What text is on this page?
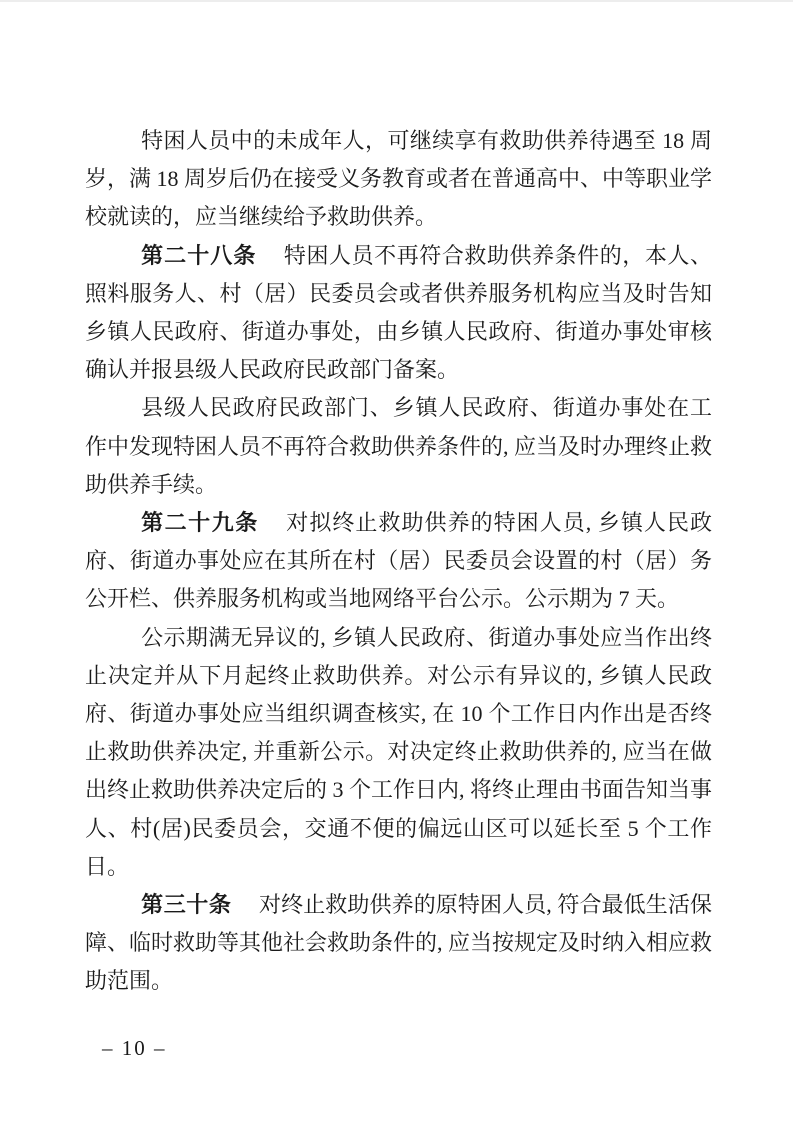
特困人员中的未成年人，可继续享有救助供养待遇至 18 周岁，满 18 周岁后仍在接受义务教育或者在普通高中、中等职业学校就读的，应当继续给予救助供养。

第二十八条 特困人员不再符合救助供养条件的，本人、照料服务人、村（居）民委员会或者供养服务机构应当及时告知乡镇人民政府、街道办事处，由乡镇人民政府、街道办事处审核确认并报县级人民政府民政部门备案。

县级人民政府民政部门、乡镇人民政府、街道办事处在工作中发现特困人员不再符合救助供养条件的, 应当及时办理终止救助供养手续。

第二十九条 对拟终止救助供养的特困人员, 乡镇人民政府、街道办事处应在其所在村（居）民委员会设置的村（居）务公开栏、供养服务机构或当地网络平台公示。公示期为 7 天。

公示期满无异议的, 乡镇人民政府、街道办事处应当作出终止决定并从下月起终止救助供养。对公示有异议的, 乡镇人民政府、街道办事处应当组织调查核实, 在 10 个工作日内作出是否终止救助供养决定, 并重新公示。对决定终止救助供养的, 应当在做出终止救助供养决定后的 3 个工作日内, 将终止理由书面告知当事人、村(居)民委员会，交通不便的偏远山区可以延长至 5 个工作日。

第三十条 对终止救助供养的原特困人员, 符合最低生活保障、临时救助等其他社会救助条件的, 应当按规定及时纳入相应救助范围。

– 10 –
